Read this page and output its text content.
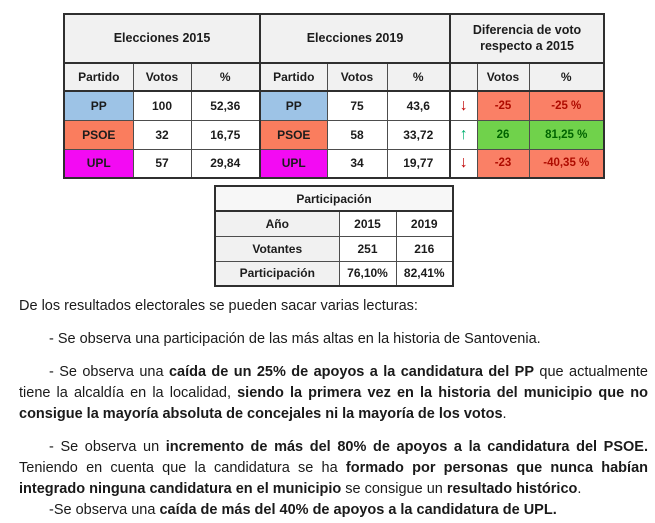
Elecciones 2015			Elecciones 2019			Diferencia de voto respecto a 2015		
Partido	Votos	%	Partido	Votos	%		Votos	%
PP	100	52,36	PP	75	43,6	↓	-25	-25 %
PSOE	32	16,75	PSOE	58	33,72	↑	26	81,25 %
UPL	57	29,84	UPL	34	19,77	↓	-23	-40,35 %
Participación		
Año	2015	2019
Votantes	251	216
Participación	76,10%	82,41%

De los resultados electorales se pueden sacar varias lecturas:

- Se observa una participación de las más altas en la historia de Santovenia.

- Se observa una caída de un 25% de apoyos a la candidatura del PP que actualmente tiene la alcaldía en la localidad, siendo la primera vez en la historia del municipio que no consigue la mayoría absoluta de concejales ni la mayoría de los votos.

- Se observa un incremento de más del 80% de apoyos a la candidatura del PSOE. Teniendo en cuenta que la candidatura se ha formado por personas que nunca habían integrado ninguna candidatura en el municipio se consigue un resultado histórico.

-Se observa una caída de más del 40% de apoyos a la candidatura de UPL.
